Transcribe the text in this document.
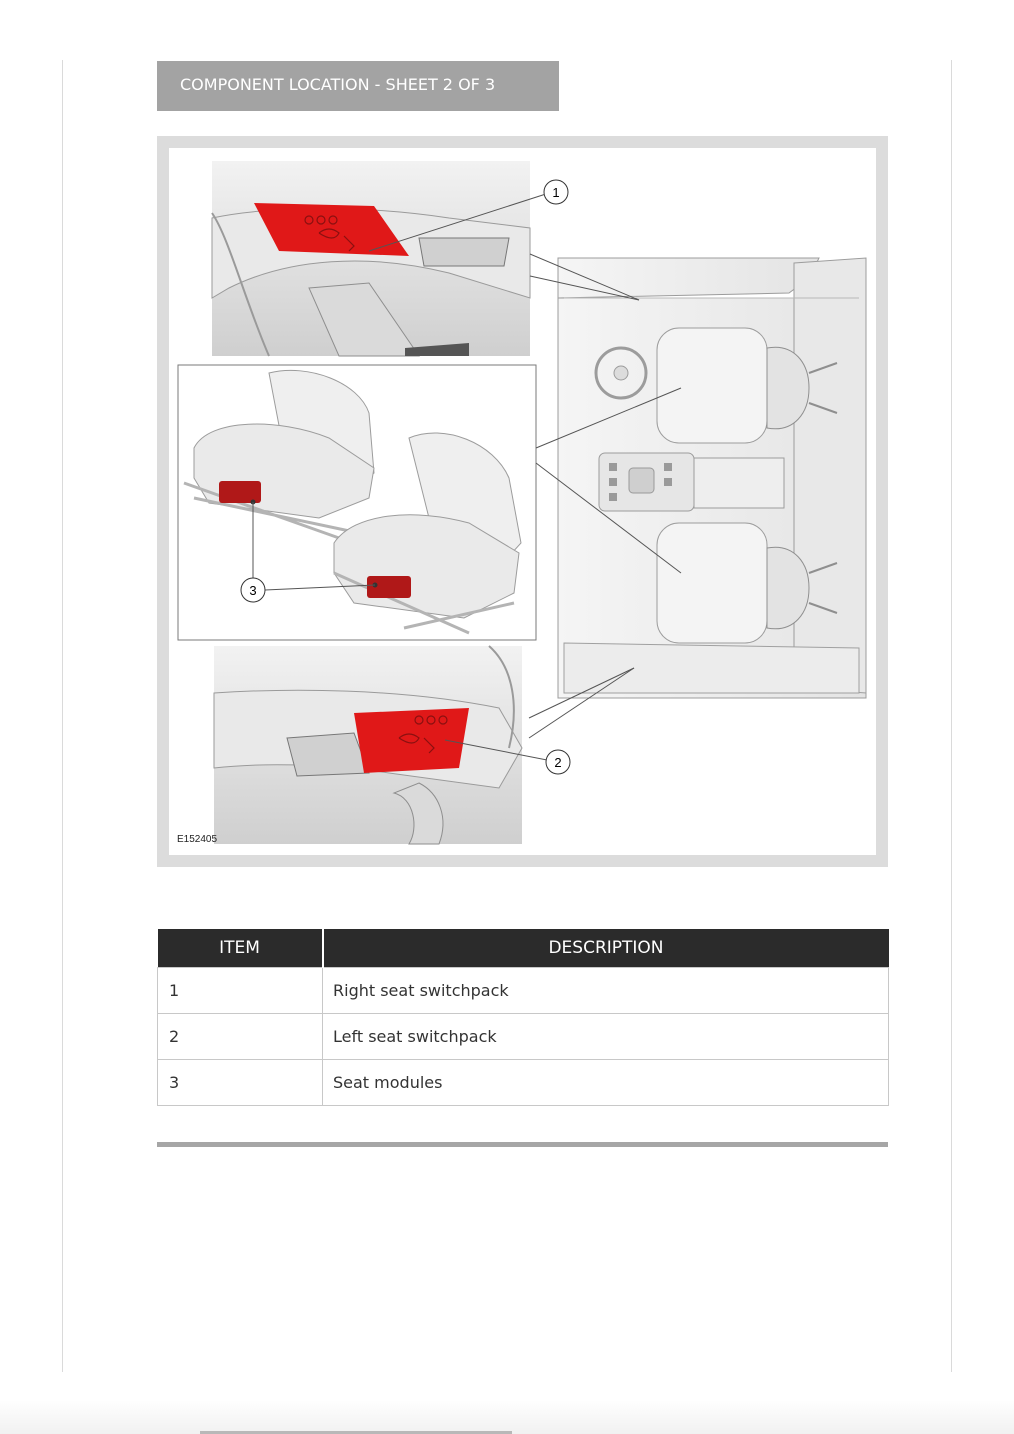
COMPONENT LOCATION - SHEET 2 OF 3
1
2
3
E152405
ITEM	DESCRIPTION
1	Right seat switchpack
2	Left seat switchpack
3	Seat modules
